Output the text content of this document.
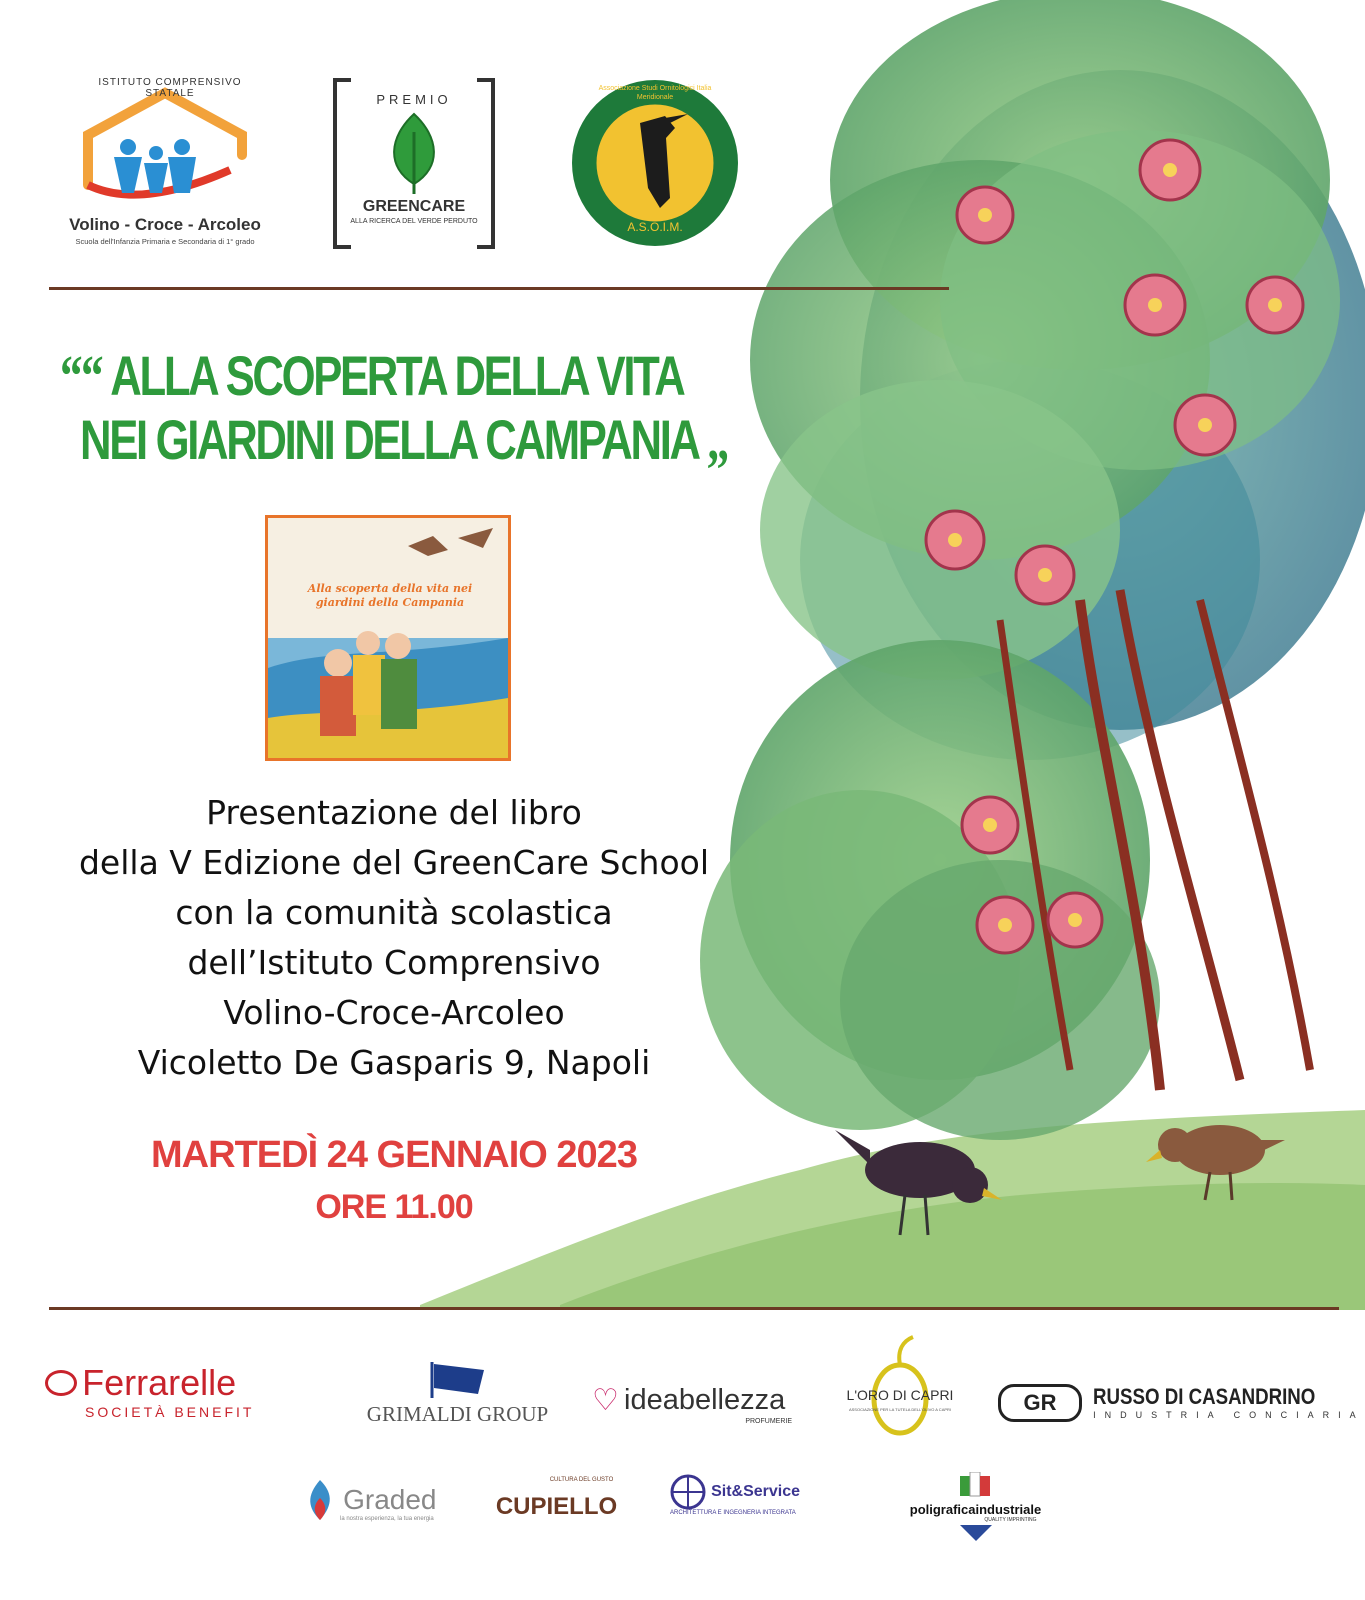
ISTITUTO COMPRENSIVO STATALE
Volino - Croce - Arcoleo
Scuola dell'Infanzia Primaria e Secondaria di 1° grado
PREMIO
GREENCARE
ALLA RICERCA DEL VERDE PERDUTO
Associazione Studi Ornitologici Italia Meridionale
A.S.O.I.M.
““ ALLA SCOPERTA DELLA VITA
NEI GIARDINI DELLA CAMPANIA „
Alla scoperta della vita nei giardini della Campania
Presentazione del libro
della V Edizione del GreenCare School
con la comunità scolastica
dell’Istituto Comprensivo
Volino-Croce-Arcoleo
Vicoletto De Gasparis 9, Napoli
MARTEDÌ 24 GENNAIO 2023
ORE 11.00
Ferrarelle
SOCIETÀ BENEFIT	GRIMALDI GROUP	♡ ideabellezza
PROFUMERIE
L'ORO DI CAPRI
ASSOCIAZIONE PER LA TUTELA DELL'OLIVO A CAPRI	GR RUSSO DI CASANDRINO
INDUSTRIA CONCIARIA
Graded
la nostra esperienza, la tua energia
CULTURA DEL GUSTO
CUPIELLO
Sit&Service
ARCHITETTURA E INGEGNERIA INTEGRATA	poligraficaindustriale
QUALITY IMPRINTING
